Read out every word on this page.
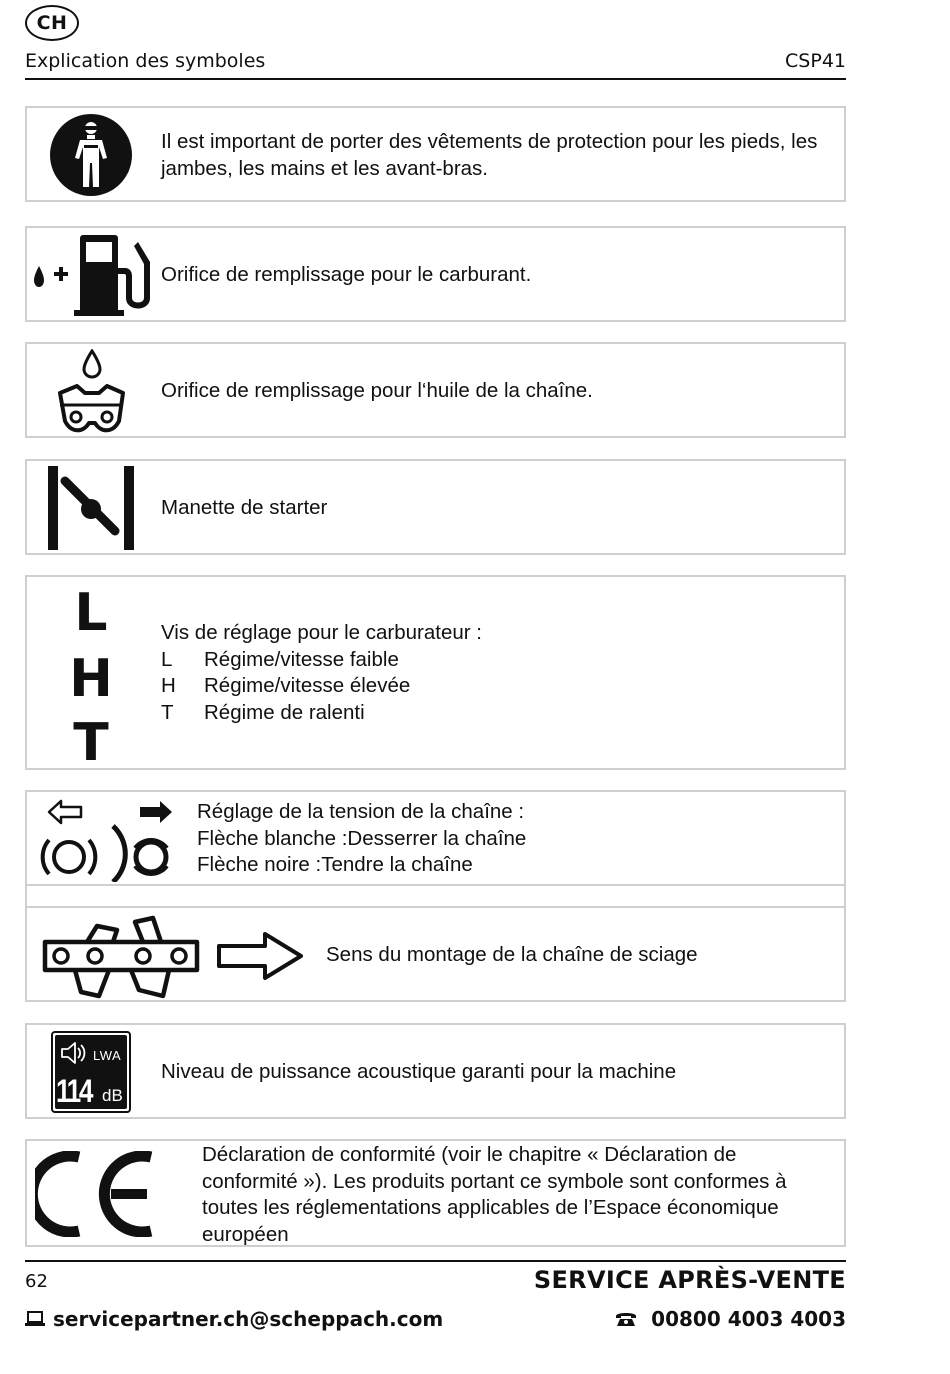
CH
Explication des symboles	CSP41
Il est important de porter des vêtements de protection pour les pieds, les jambes, les mains et les avant-bras.
Orifice de remplissage pour le carburant.
Orifice de remplissage pour l‘huile de la chaîne.
Manette de starter
L
H
T
Vis de réglage pour le carburateur :
L	Régime/vitesse faible
H	Régime/vitesse élevée
T	Régime de ralenti
Réglage de la tension de la chaîne :
Flèche blanche :Desserrer la chaîne
Flèche noire :Tendre la chaîne
Sens du montage de la chaîne de sciage
LWA
114 dB
Niveau de puissance acoustique garanti pour la machine
Déclaration de conformité (voir le chapitre « Déclaration de conformité »). Les produits portant ce symbole sont conformes à toutes les réglementations applicables de l’Espace économique européen
62	SERVICE APRÈS-VENTE
servicepartner.ch@scheppach.com	00800 4003 4003
